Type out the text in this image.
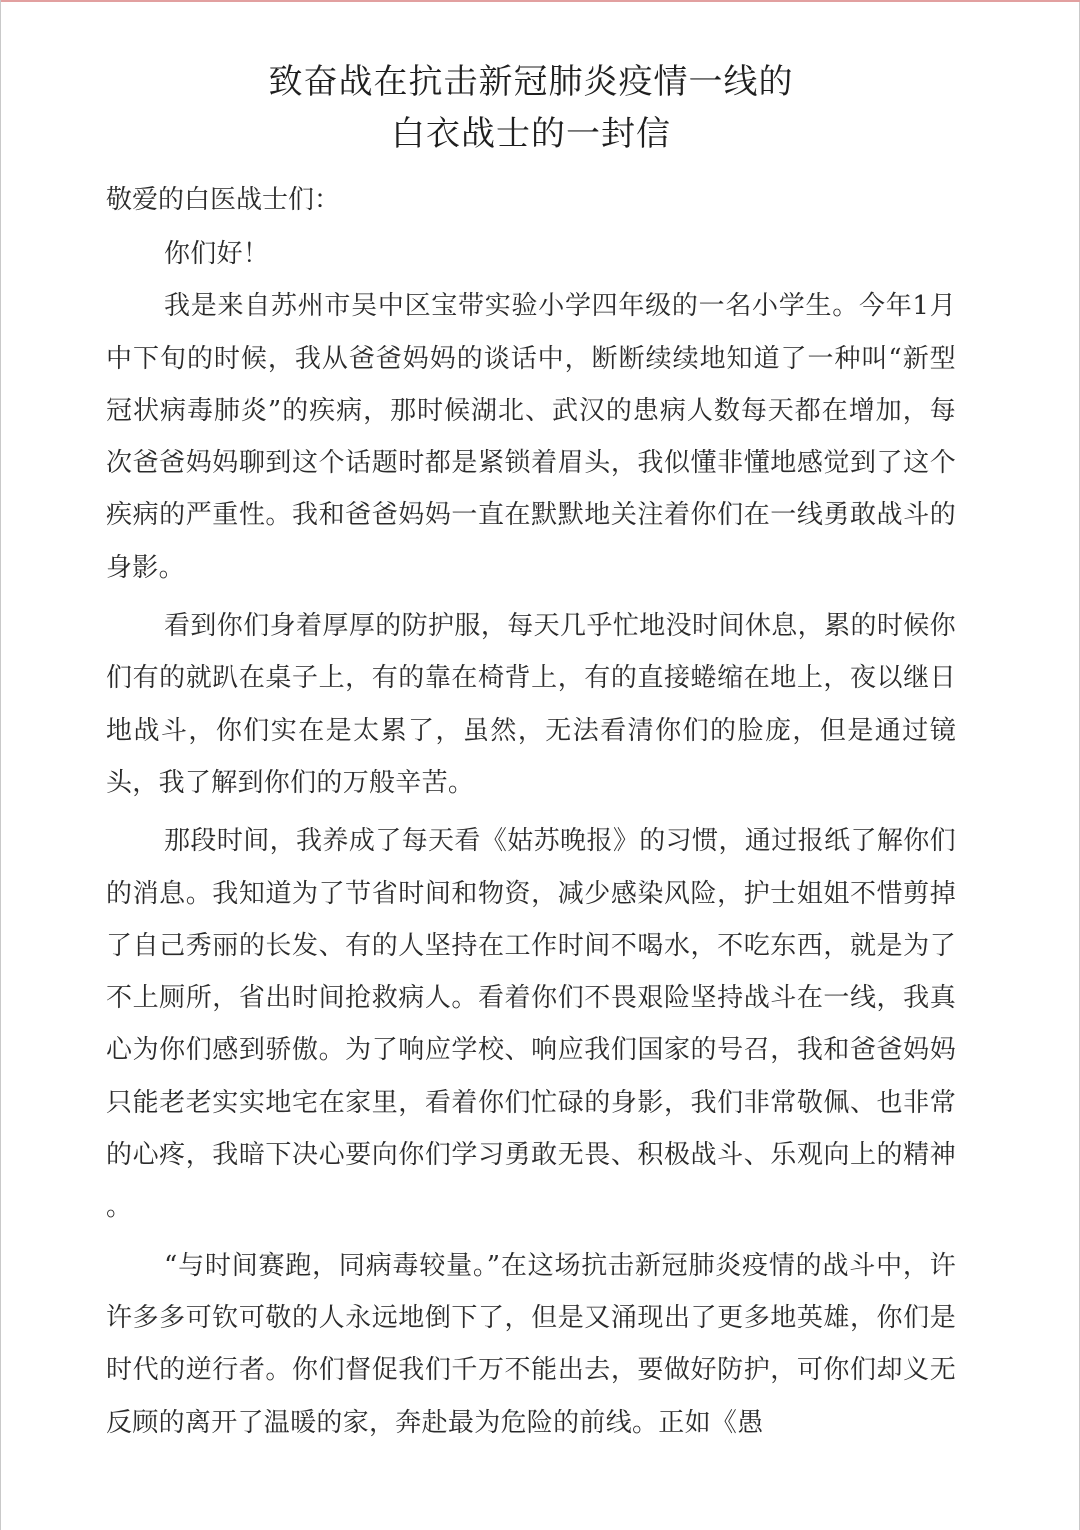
致奋战在抗击新冠肺炎疫情一线的
白衣战士的一封信

敬爱的白医战士们：

你们好！

我是来自苏州市吴中区宝带实验小学四年级的一名小学生。今年1月中下旬的时候，我从爸爸妈妈的谈话中，断断续续地知道了一种叫“新型冠状病毒肺炎”的疾病，那时候湖北、武汉的患病人数每天都在增加，每次爸爸妈妈聊到这个话题时都是紧锁着眉头，我似懂非懂地感觉到了这个疾病的严重性。我和爸爸妈妈一直在默默地关注着你们在一线勇敢战斗的身影。

看到你们身着厚厚的防护服，每天几乎忙地没时间休息，累的时候你们有的就趴在桌子上，有的靠在椅背上，有的直接蜷缩在地上，夜以继日地战斗，你们实在是太累了，虽然，无法看清你们的脸庞，但是通过镜头，我了解到你们的万般辛苦。

那段时间，我养成了每天看《姑苏晚报》的习惯，通过报纸了解你们的消息。我知道为了节省时间和物资，减少感染风险，护士姐姐不惜剪掉了自己秀丽的长发、有的人坚持在工作时间不喝水，不吃东西，就是为了不上厕所，省出时间抢救病人。看着你们不畏艰险坚持战斗在一线，我真心为你们感到骄傲。为了响应学校、响应我们国家的号召，我和爸爸妈妈只能老老实实地宅在家里，看着你们忙碌的身影，我们非常敬佩、也非常的心疼，我暗下决心要向你们学习勇敢无畏、积极战斗、乐观向上的精神 。

“与时间赛跑，同病毒较量。”在这场抗击新冠肺炎疫情的战斗中，许许多多可钦可敬的人永远地倒下了，但是又涌现出了更多地英雄，你们是时代的逆行者。你们督促我们千万不能出去，要做好防护，可你们却义无反顾的离开了温暖的家，奔赴最为危险的前线。正如《愚
